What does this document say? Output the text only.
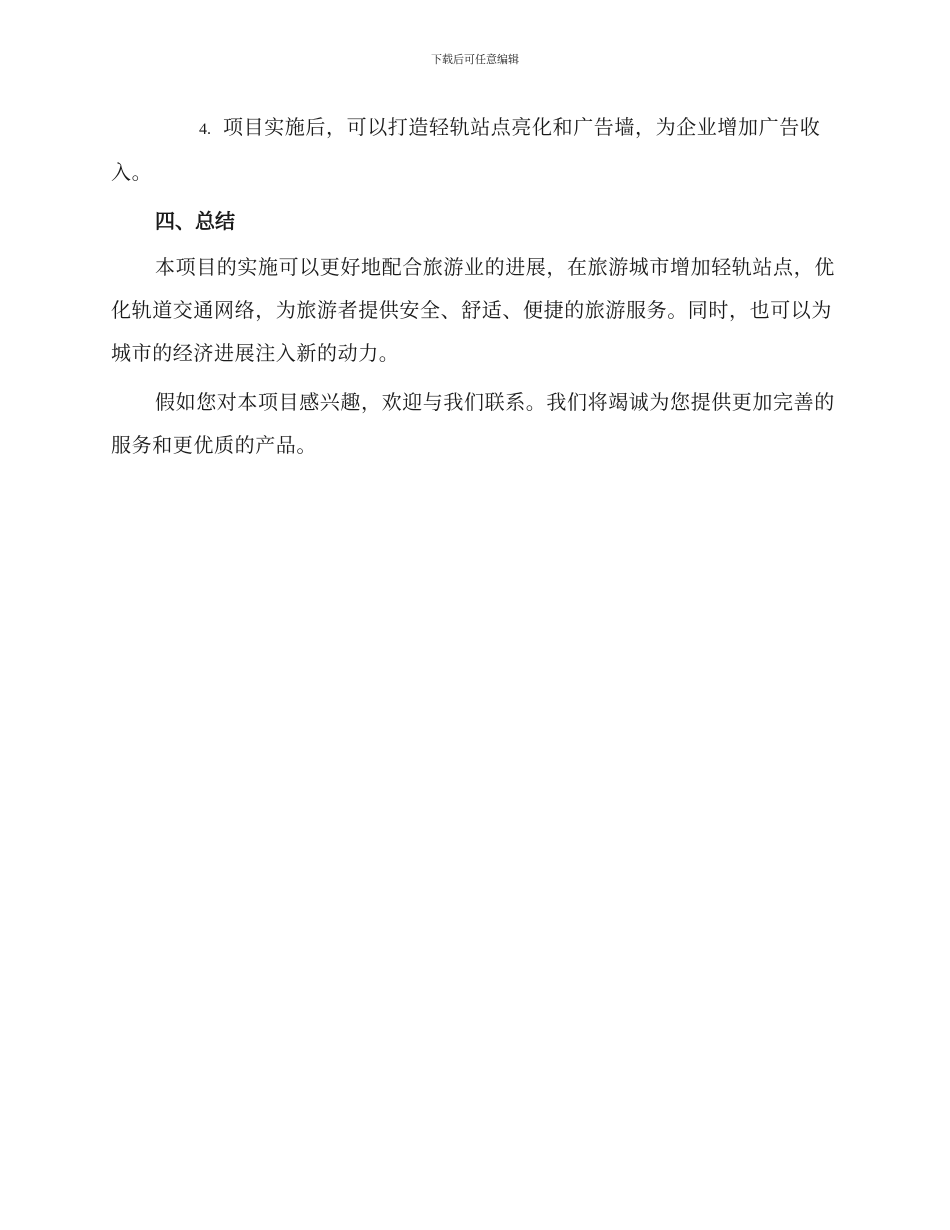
下载后可任意编辑

4. 项目实施后，可以打造轻轨站点亮化和广告墙，为企业增加广告收入。

四、总结

本项目的实施可以更好地配合旅游业的进展，在旅游城市增加轻轨站点，优化轨道交通网络，为旅游者提供安全、舒适、便捷的旅游服务。同时，也可以为城市的经济进展注入新的动力。

假如您对本项目感兴趣，欢迎与我们联系。我们将竭诚为您提供更加完善的服务和更优质的产品。
